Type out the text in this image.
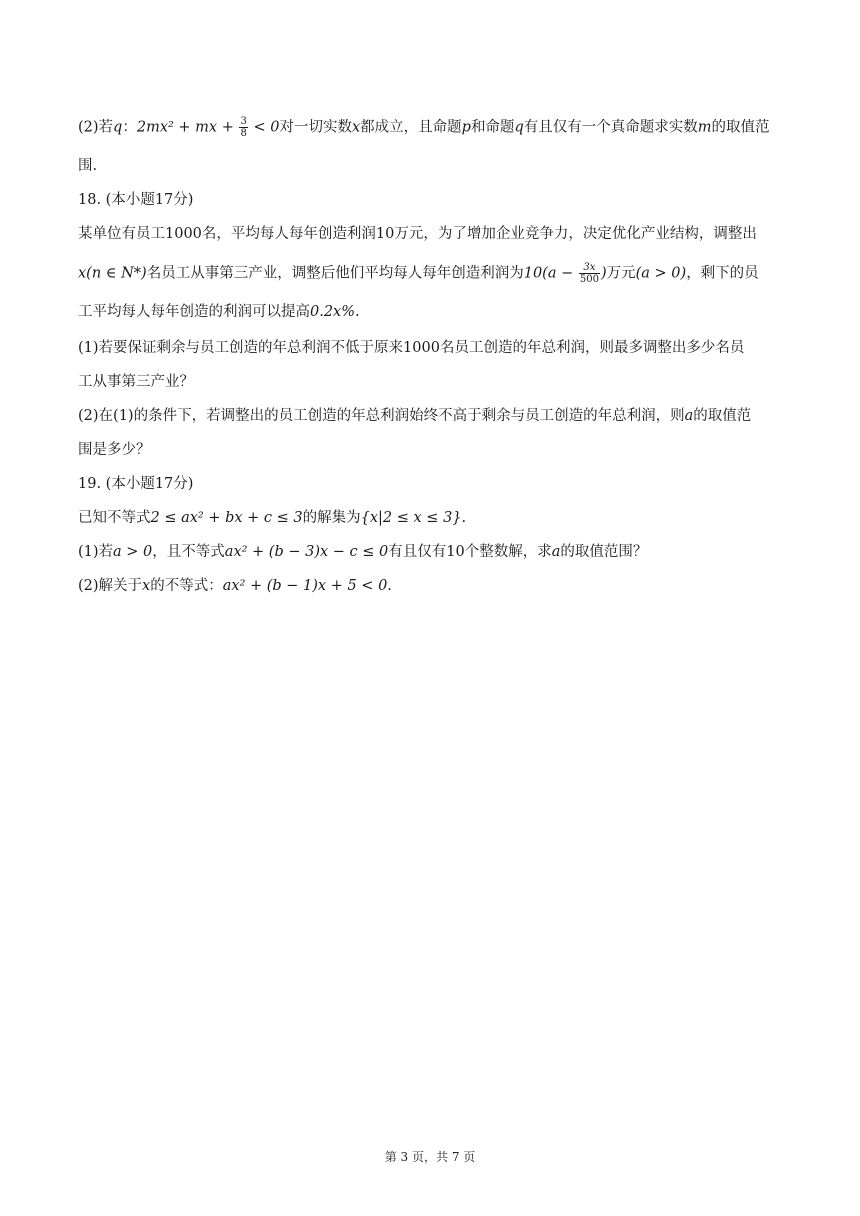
(2)若q：2mx² + mx + $\frac{3}{8} < 0$对一切实数x都成立，且命题p和命题q有且仅有一个真命题求实数m的取值范
围.
18. (本小题17分)
某单位有员工1000名，平均每人每年创造利润10万元，为了增加企业竞争力，决定优化产业结构，调整出
x(n ∈ N*)名员工从事第三产业，调整后他们平均每人每年创造利润为$10(a - \frac{3x}{500}$ )万元(a > 0)，剩下的员
工平均每人每年创造的利润可以提高0.2x%.
(1)若要保证剩余与员工创造的年总利润不低于原来1000名员工创造的年总利润，则最多调整出多少名员
工从事第三产业？
(2)在(1)的条件下，若调整出的员工创造的年总利润始终不高于剩余与员工创造的年总利润，则a的取值范
围是多少？
19. (本小题17分)
已知不等式2 ≤ ax² + bx + c ≤ 3的解集为{x|2 ≤ x ≤ 3}.
(1)若a > 0，且不等式ax² + (b − 3)x − c ≤ 0有且仅有10个整数解，求a的取值范围？
(2)解关于x的不等式：ax² + (b − 1)x + 5 < 0.
第 3 页，共 7 页
